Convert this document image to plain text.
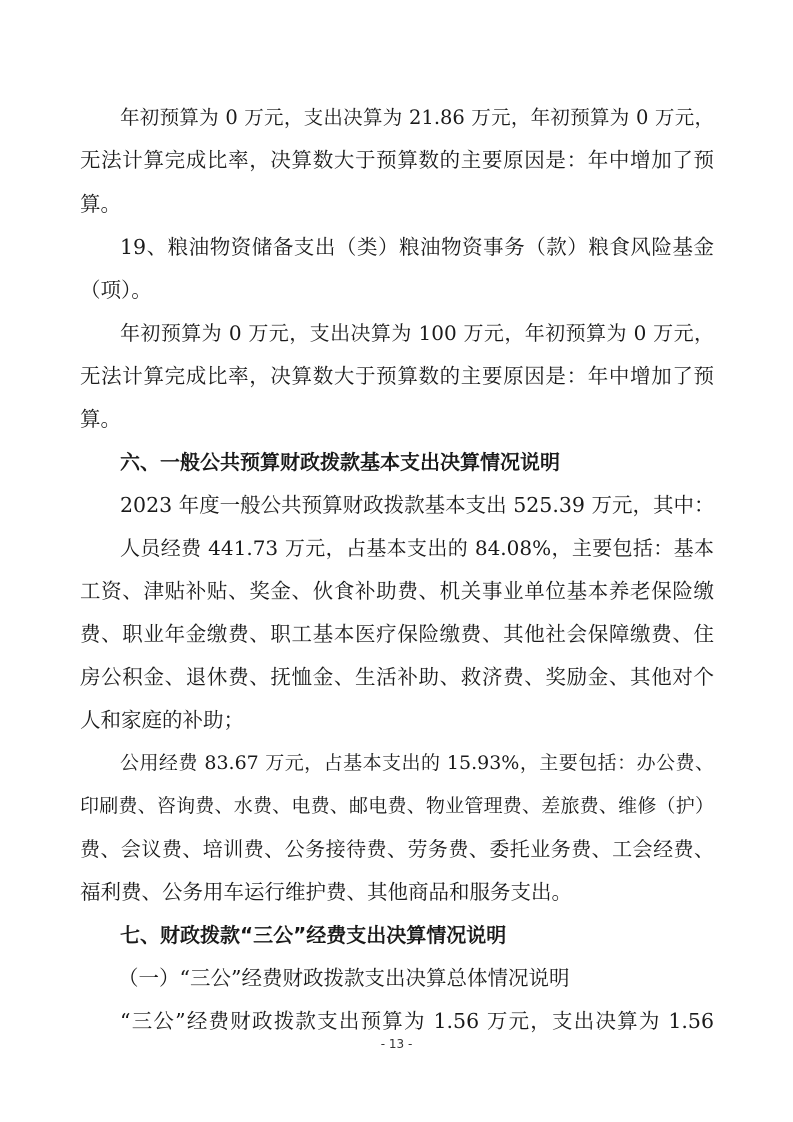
年初预算为 0 万元，支出决算为 21.86 万元，年初预算为 0 万元，
无法计算完成比率，决算数大于预算数的主要原因是：年中增加了预
算。
19、粮油物资储备支出（类）粮油物资事务（款）粮食风险基金
（项）。
年初预算为 0 万元，支出决算为 100 万元，年初预算为 0 万元，
无法计算完成比率，决算数大于预算数的主要原因是：年中增加了预
算。
六、一般公共预算财政拨款基本支出决算情况说明
2023 年度一般公共预算财政拨款基本支出 525.39 万元，其中：
人员经费 441.73 万元，占基本支出的 84.08%，主要包括：基本
工资、津贴补贴、奖金、伙食补助费、机关事业单位基本养老保险缴
费、职业年金缴费、职工基本医疗保险缴费、其他社会保障缴费、住
房公积金、退休费、抚恤金、生活补助、救济费、奖励金、其他对个
人和家庭的补助；
公用经费 83.67 万元，占基本支出的 15.93%，主要包括：办公费、
印刷费、咨询费、水费、电费、邮电费、物业管理费、差旅费、维修（护）
费、会议费、培训费、公务接待费、劳务费、委托业务费、工会经费、
福利费、公务用车运行维护费、其他商品和服务支出。
七、财政拨款“三公”经费支出决算情况说明
（一）“三公”经费财政拨款支出决算总体情况说明
“三公”经费财政拨款支出预算为 1.56 万元，支出决算为 1.56
- 13 -
